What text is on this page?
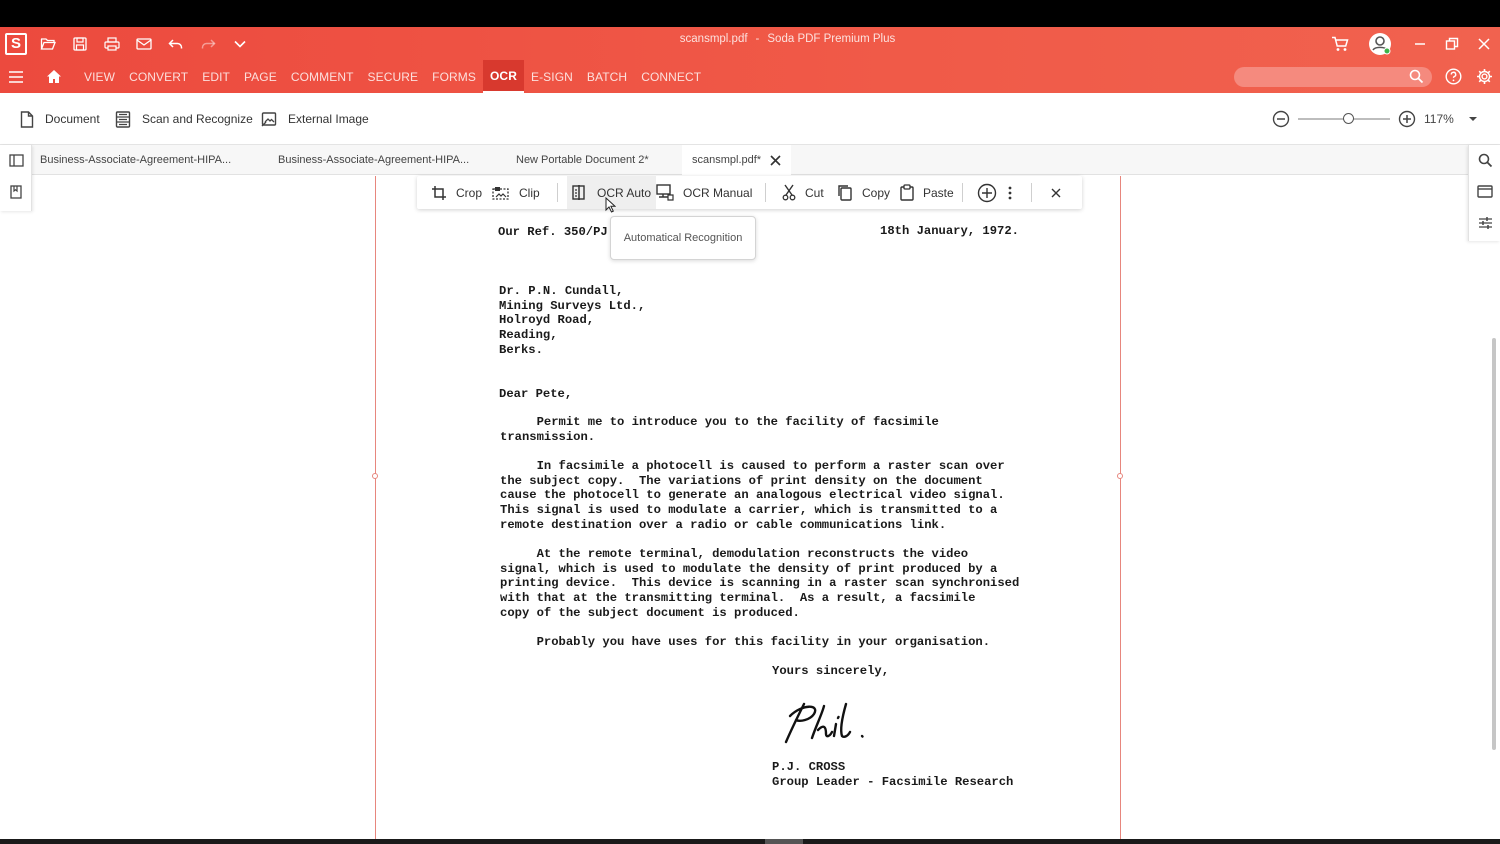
S	scansmpl.pdf - Soda PDF Premium Plus
VIEW	CONVERT	EDIT	PAGE	COMMENT	SECURE	FORMS	OCR	E-SIGN	BATCH	CONNECT
Document	Scan and Recognize	External Image	117%
Business-Associate-Agreement-HIPA...	Business-Associate-Agreement-HIPA...	New Portable Document 2*	scansmpl.pdf*
Our Ref. 350/PJ	18th January, 1972.
Dr. P.N. Cundall,
Mining Surveys Ltd.,
Holroyd Road,
Reading,
Berks.
Dear Pete,
Permit me to introduce you to the facility of facsimile
transmission.
In facsimile a photocell is caused to perform a raster scan over
the subject copy.  The variations of print density on the document
cause the photocell to generate an analogous electrical video signal.
This signal is used to modulate a carrier, which is transmitted to a
remote destination over a radio or cable communications link.
At the remote terminal, demodulation reconstructs the video
signal, which is used to modulate the density of print produced by a
printing device.  This device is scanning in a raster scan synchronised
with that at the transmitting terminal.  As a result, a facsimile
copy of the subject document is produced.
Probably you have uses for this facility in your organisation.
Yours sincerely,
P.J. CROSS
Group Leader - Facsimile Research
Crop	Clip	OCR Auto	OCR Manual	Cut	Copy	Paste
Automatical Recognition
